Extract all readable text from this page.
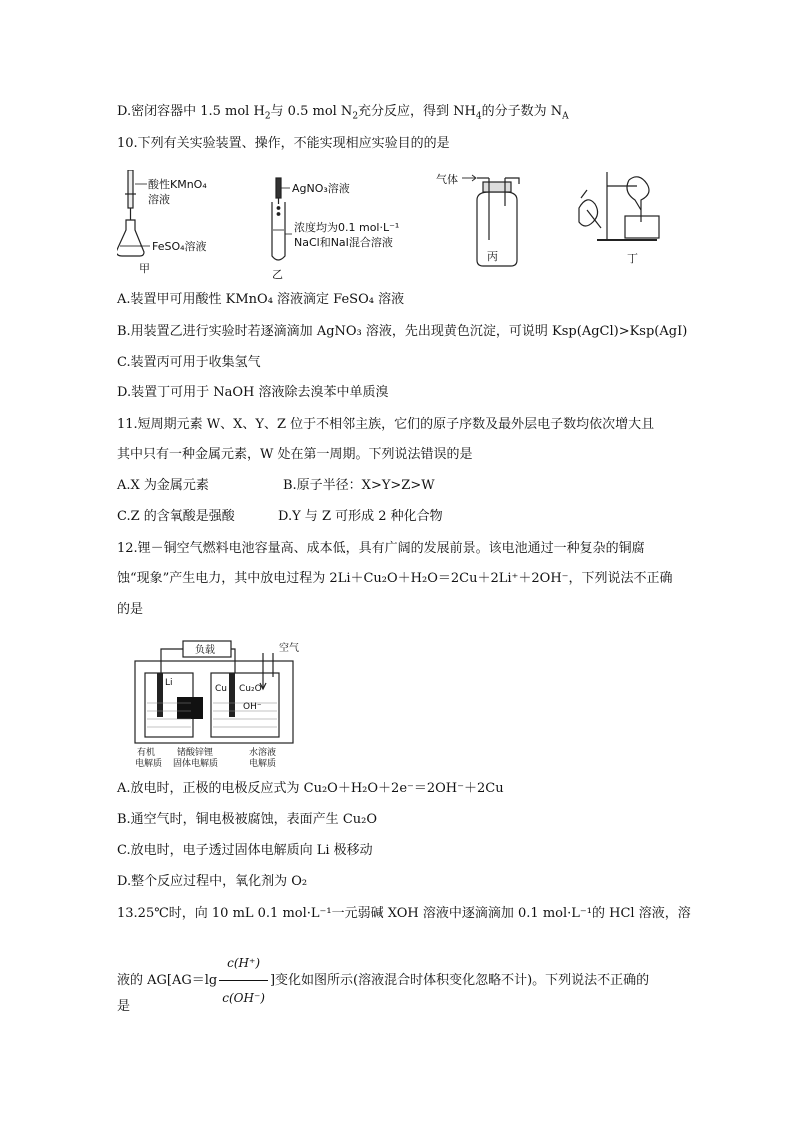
D.密闭容器中 1.5 mol $H_2$与 0.5 mol $N_2$充分反应，得到 $NH_4$的分子数为 $N_A$
10.下列有关实验装置、操作，不能实现相应实验目的的是
酸性KMnO₄
溶液
FeSO₄溶液
甲
AgNO₃溶液
浓度均为0.1 mol·L⁻¹
NaCl和NaI混合溶液
乙
气体
丙	丁
A.装置甲可用酸性 KMnO₄ 溶液滴定 FeSO₄ 溶液
B.用装置乙进行实验时若逐滴滴加 AgNO₃ 溶液，先出现黄色沉淀，可说明 Ksp(AgCl)>Ksp(AgI)
C.装置丙可用于收集氢气
D.装置丁可用于 NaOH 溶液除去溴苯中单质溴
11.短周期元素 W、X、Y、Z 位于不相邻主族，它们的原子序数及最外层电子数均依次增大且
其中只有一种金属元素，W 处在第一周期。下列说法错误的是
A.X 为金属元素	B.原子半径：X>Y>Z>W
C.Z 的含氧酸是强酸	D.Y 与 Z 可形成 2 种化合物
12.锂－铜空气燃料电池容量高、成本低，具有广阔的发展前景。该电池通过一种复杂的铜腐
蚀“现象”产生电力，其中放电过程为 2Li＋Cu₂O＋H₂O＝2Cu＋2Li⁺＋2OH⁻，下列说法不正确
的是
负载	空气
Li
Cu Cu₂O
OH⁻
有机
电解质
锗酸锌锂
固体电解质
水溶液
电解质
A.放电时，正极的电极反应式为 Cu₂O＋H₂O＋2e⁻＝2OH⁻＋2Cu
B.通空气时，铜电极被腐蚀，表面产生 Cu₂O
C.放电时，电子透过固体电解质向 Li 极移动
D.整个反应过程中，氧化剂为 O₂
13.25℃时，向 10 mL 0.1 mol·L⁻¹一元弱碱 XOH 溶液中逐滴滴加 0.1 mol·L⁻¹的 HCl 溶液，溶
液的 $AG[AG=\lg \frac{c(H^+)}{c(OH^-)}$ ]变化如图所示(溶液混合时体积变化忽略不计)。下列说法不正确的
是
